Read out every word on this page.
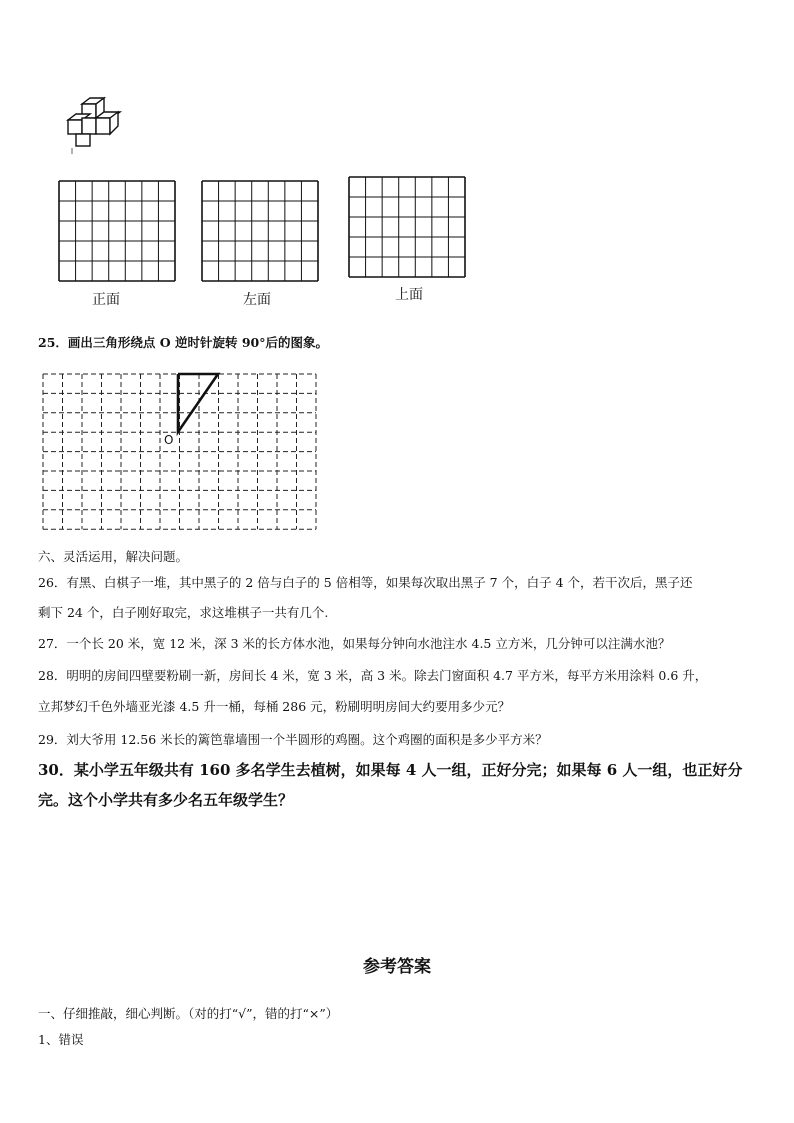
正面	左面	上面
25．画出三角形绕点 O 逆时针旋转 90°后的图象。
O
六、灵活运用，解决问题。
26．有黑、白棋子一堆，其中黑子的 2 倍与白子的 5 倍相等，如果每次取出黑子 7 个，白子 4 个，若干次后，黑子还
剩下 24 个，白子刚好取完，求这堆棋子一共有几个.
27．一个长 20 米，宽 12 米，深 3 米的长方体水池，如果每分钟向水池注水 4.5 立方米，几分钟可以注满水池？
28．明明的房间四壁要粉刷一新，房间长 4 米，宽 3 米，高 3 米。除去门窗面积 4.7 平方米，每平方米用涂料 0.6 升，
立邦梦幻千色外墙亚光漆 4.5 升一桶，每桶 286 元，粉刷明明房间大约要用多少元？
29．刘大爷用 12.56 米长的篱笆靠墙围一个半圆形的鸡圈。这个鸡圈的面积是多少平方米？
30．某小学五年级共有 160 多名学生去植树，如果每 4 人一组，正好分完；如果每 6 人一组，也正好分
完。这个小学共有多少名五年级学生？
参考答案
一、仔细推敲，细心判断。（对的打“√”，错的打“×”）
1、错误
